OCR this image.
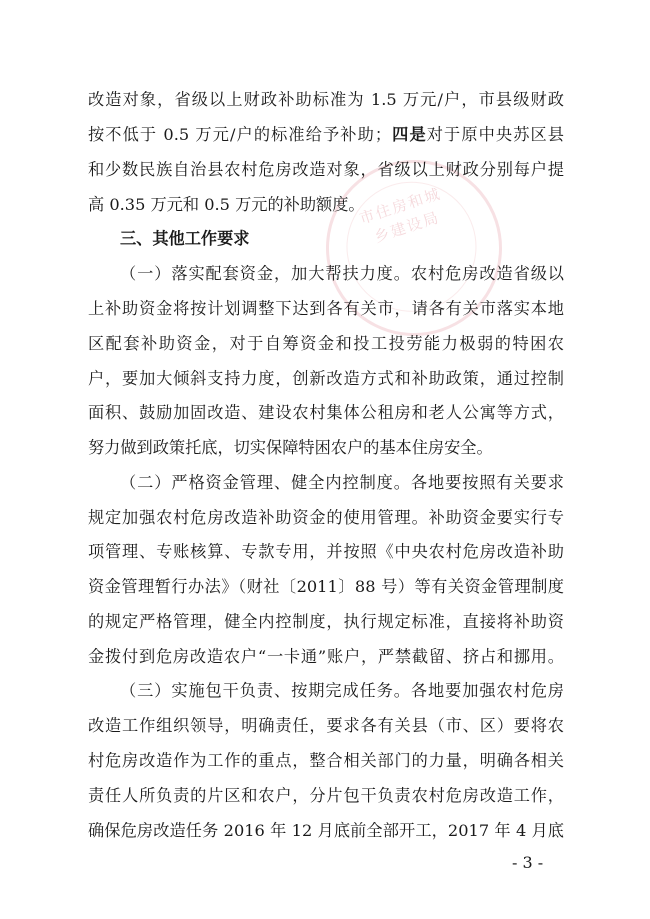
市住房和城乡建设局
改造对象，省级以上财政补助标准为 1.5 万元/户，市县级财政
按不低于 0.5 万元/户的标准给予补助；四是对于原中央苏区县
和少数民族自治县农村危房改造对象，省级以上财政分别每户提
高 0.35 万元和 0.5 万元的补助额度。
三、其他工作要求
（一）落实配套资金，加大帮扶力度。农村危房改造省级以
上补助资金将按计划调整下达到各有关市，请各有关市落实本地
区配套补助资金，对于自筹资金和投工投劳能力极弱的特困农
户，要加大倾斜支持力度，创新改造方式和补助政策，通过控制
面积、鼓励加固改造、建设农村集体公租房和老人公寓等方式，
努力做到政策托底，切实保障特困农户的基本住房安全。
（二）严格资金管理、健全内控制度。各地要按照有关要求
规定加强农村危房改造补助资金的使用管理。补助资金要实行专
项管理、专账核算、专款专用，并按照《中央农村危房改造补助
资金管理暂行办法》（财社〔2011〕88 号）等有关资金管理制度
的规定严格管理，健全内控制度，执行规定标准，直接将补助资
金拨付到危房改造农户“一卡通”账户，严禁截留、挤占和挪用。
（三）实施包干负责、按期完成任务。各地要加强农村危房
改造工作组织领导，明确责任，要求各有关县（市、区）要将农
村危房改造作为工作的重点，整合相关部门的力量，明确各相关
责任人所负责的片区和农户，分片包干负责农村危房改造工作，
确保危房改造任务 2016 年 12 月底前全部开工，2017 年 4 月底
- 3 -
